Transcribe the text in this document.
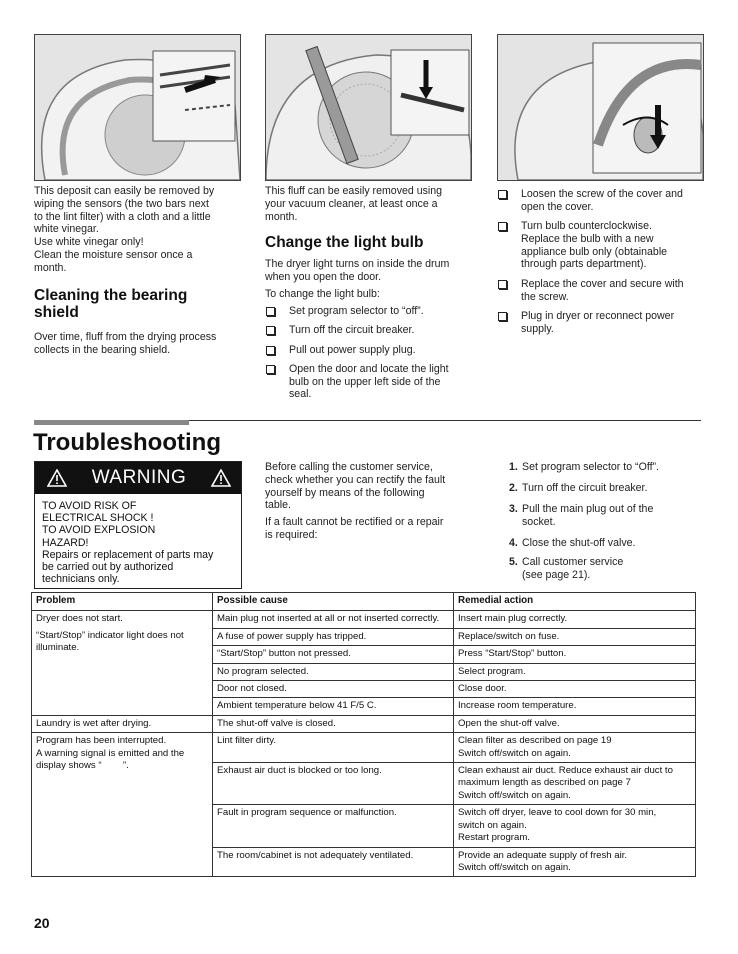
This deposit can easily be removed by

wiping the sensors (the two bars next

to the lint filter) with a cloth and a little

white vinegar.

Use white vinegar only!

Clean the moisture sensor once a

month.

Cleaning the bearing
shield

Over time, fluff from the drying process

collects in the bearing shield.

This fluff can be easily removed using

your vacuum cleaner, at least once a

month.

Change the light bulb

The dryer light turns on inside the drum

when you open the door.

To change the light bulb:

Set program selector to “off”.
Turn off the circuit breaker.
Pull out power supply plug.
Open the door and locate the light
bulb on the upper left side of the
seal.
Loosen the screw of the cover and
open the cover.
Turn bulb counterclockwise.
Replace the bulb with a new
appliance bulb only (obtainable
through parts department).
Replace the cover and secure with
the screw.
Plug in dryer or reconnect power
supply.
Troubleshooting
WARNING
TO AVOID RISK OF
ELECTRICAL SHOCK !
TO AVOID EXPLOSION
HAZARD!
Repairs or replacement of parts may
be carried out by authorized
technicians only.

Before calling the customer service,

check whether you can rectify the fault

yourself by means of the following

table.

If a fault cannot be rectified or a repair

is required:

1. Set program selector to “Off”.
2. Turn off the circuit breaker.
3. Pull the main plug out of the
socket.
4. Close the shut-off valve.
5. Call customer service
(see page 21).
Problem	Possible cause	Remedial action

Dryer does not start.
“Start/Stop” indicator light does not
illuminate.	Main plug not inserted at all or not inserted correctly.	Insert main plug correctly.
	A fuse of power supply has tripped.	Replace/switch on fuse.
	“Start/Stop” button not pressed.	Press “Start/Stop” button.
	No program selected.	Select program.
	Door not closed.	Close door.
	Ambient temperature below 41 F/5 C.	Increase room temperature.
Laundry is wet after drying.	The shut-off valve is closed.	Open the shut-off valve.

Program has been interrupted.
A warning signal is emitted and the
display shows “        ”.	Lint filter dirty.	Clean filter as described on page 19
Switch off/switch on again.

	Exhaust air duct is blocked or too long.	Clean exhaust air duct. Reduce exhaust air duct to
maximum length as described on page 7
Switch off/switch on again.

	Fault in program sequence or malfunction.	Switch off dryer, leave to cool down for 30 min,
switch on again.
Restart program.

	The room/cabinet is not adequately ventilated.	Provide an adequate supply of fresh air.
Switch off/switch on again.
20
